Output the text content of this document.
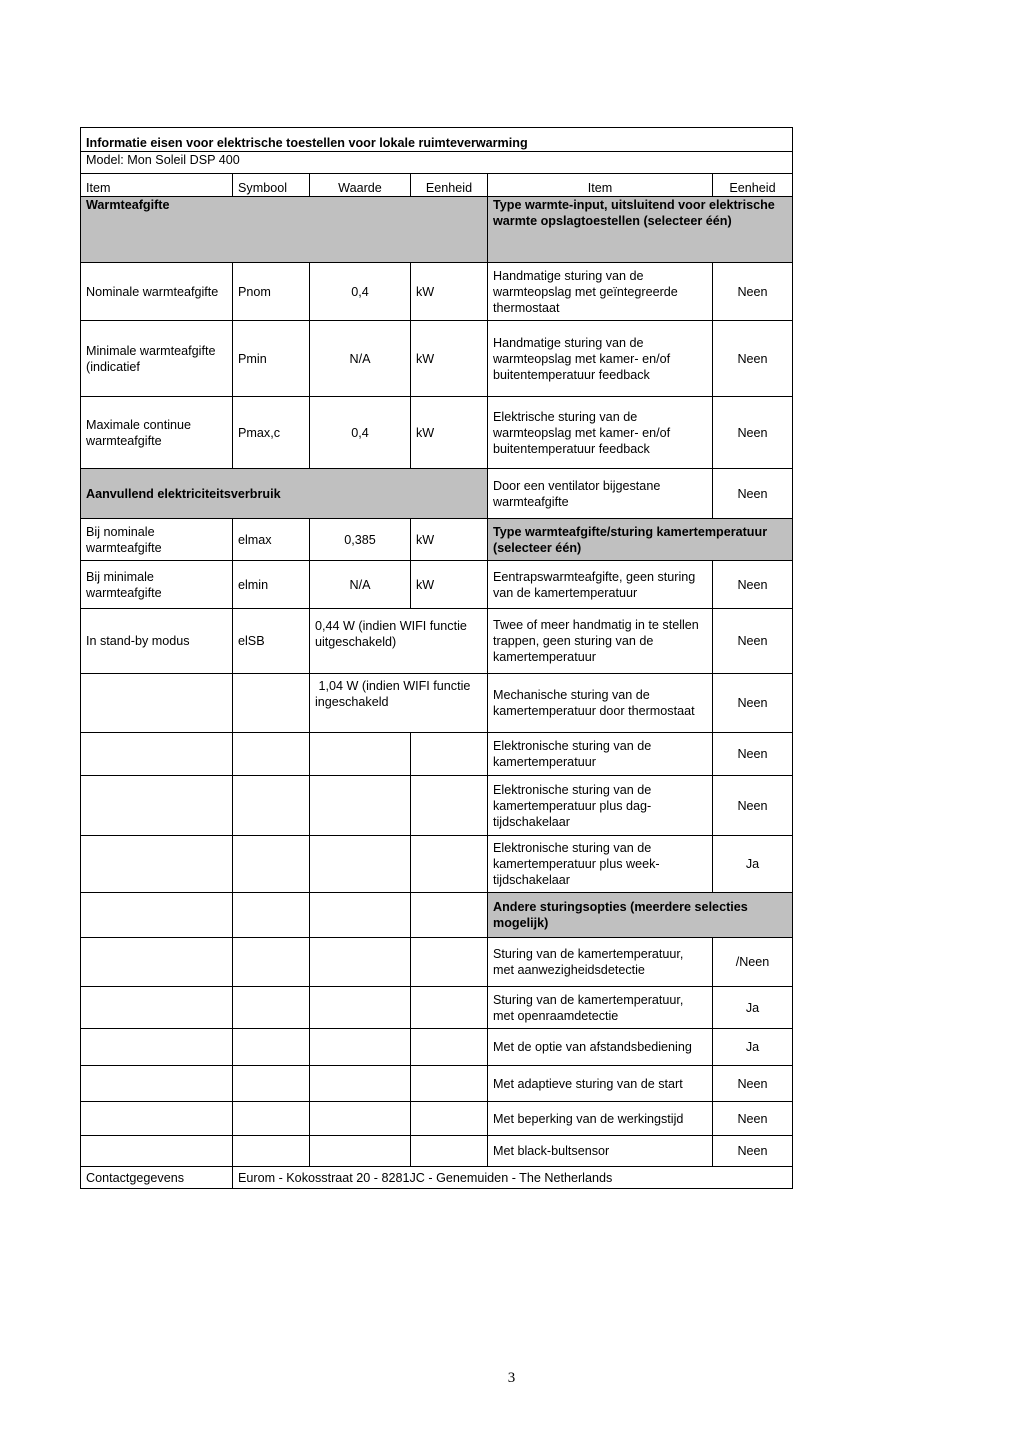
Informatie eisen voor elektrische toestellen voor lokale ruimteverwarming					
Model: Mon Soleil DSP 400					
Item	Symbool	Waarde	Eenheid	Item	Eenheid
Warmteafgifte				Type warmte-input, uitsluitend voor elektrische warmte opslagtoestellen (selecteer één)	
Nominale warmteafgifte	Pnom	0,4	kW	Handmatige sturing van de warmteopslag met geïntegreerde thermostaat	Neen
Minimale warmteafgifte (indicatief	Pmin	N/A	kW	Handmatige sturing van de warmteopslag met kamer- en/of buitentemperatuur feedback	Neen
Maximale continue warmteafgifte	Pmax,c	0,4	kW	Elektrische sturing van de warmteopslag met kamer- en/of buitentemperatuur feedback	Neen
Aanvullend elektriciteitsverbruik				Door een ventilator bijgestane warmteafgifte	Neen
Bij nominale warmteafgifte	elmax	0,385	kW	Type warmteafgifte/sturing kamertemperatuur (selecteer één)	
Bij minimale warmteafgifte	elmin	N/A	kW	Eentrapswarmteafgifte, geen sturing van de kamertemperatuur	Neen
In stand-by modus	elSB	0,44 W (indien WIFI functie uitgeschakeld)		Twee of meer handmatig in te stellen trappen, geen sturing van de kamertemperatuur	Neen
		1,04 W (indien WIFI functie ingeschakeld		Mechanische sturing van de kamertemperatuur door thermostaat	Neen
				Elektronische sturing van de kamertemperatuur	Neen
				Elektronische sturing van de kamertemperatuur plus dag-tijdschakelaar	Neen
				Elektronische sturing van de kamertemperatuur plus week-tijdschakelaar	Ja
				Andere sturingsopties (meerdere selecties mogelijk)	
				Sturing van de kamertemperatuur, met aanwezigheidsdetectie	/Neen
				Sturing van de kamertemperatuur, met openraamdetectie	Ja
				Met de optie van afstandsbediening	Ja
				Met adaptieve sturing van de start	Neen
				Met beperking van de werkingstijd	Neen
				Met black-bultsensor	Neen
Contactgegevens	Eurom - Kokosstraat 20 - 8281JC - Genemuiden - The Netherlands				
3
